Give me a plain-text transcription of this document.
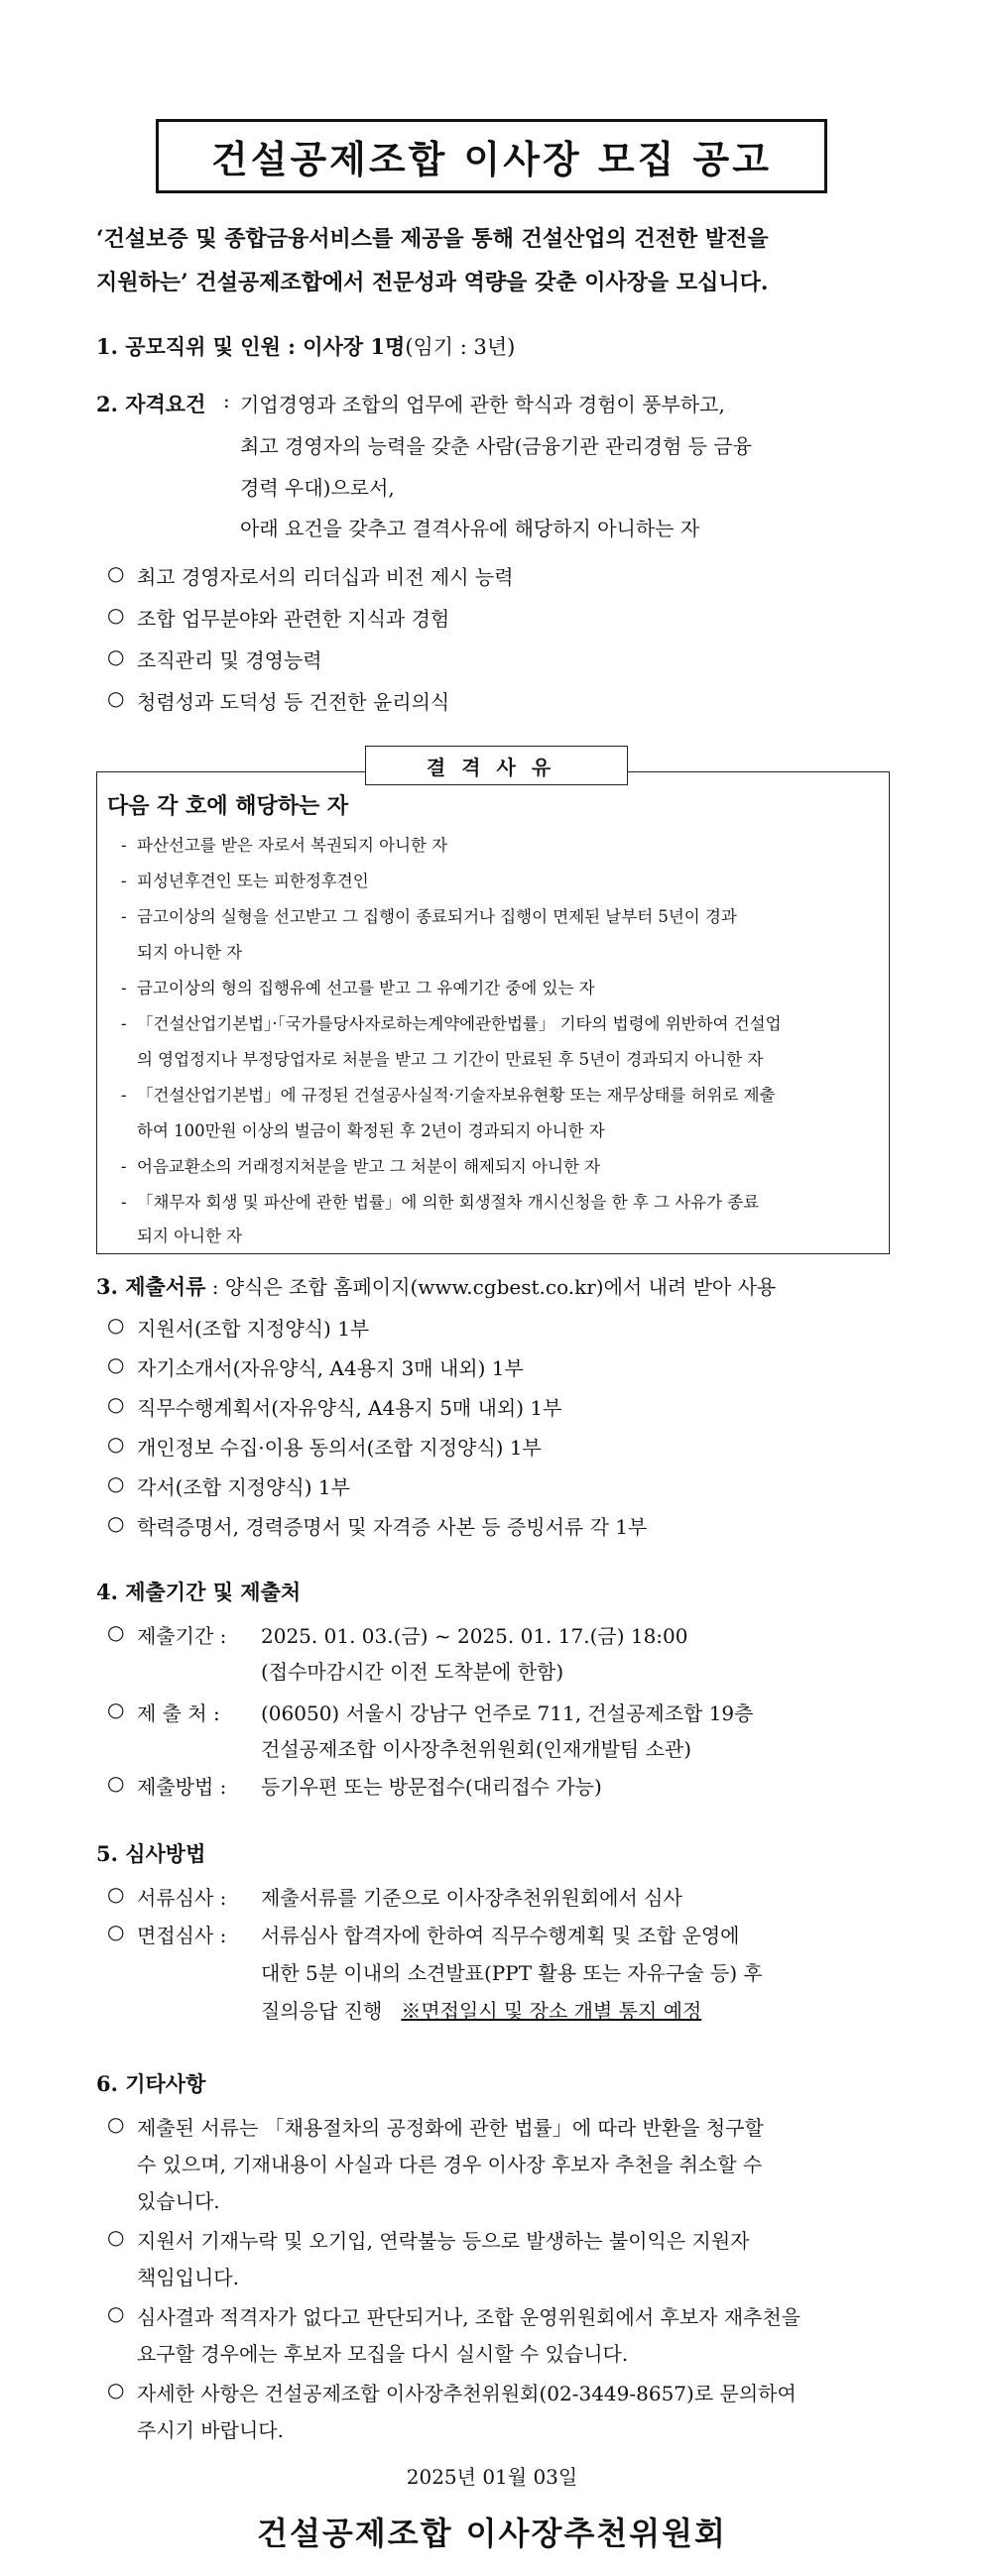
건설공제조합 이사장 모집 공고
‘건설보증 및 종합금융서비스를 제공을 통해 건설산업의 건전한 발전을
지원하는’ 건설공제조합에서 전문성과 역량을 갖춘 이사장을 모십니다.
1. 공모직위 및 인원 : 이사장 1명(임기 : 3년)
2. 자격요건 : 기업경영과 조합의 업무에 관한 학식과 경험이 풍부하고,
최고 경영자의 능력을 갖춘 사람(금융기관 관리경험 등 금융
경력 우대)으로서,
아래 요건을 갖추고 결격사유에 해당하지 아니하는 자
○ 최고 경영자로서의 리더십과 비전 제시 능력
○ 조합 업무분야와 관련한 지식과 경험
○ 조직관리 및 경영능력
○ 청렴성과 도덕성 등 건전한 윤리의식
결격사유
다음 각 호에 해당하는 자
- 파산선고를 받은 자로서 복권되지 아니한 자
- 피성년후견인 또는 피한정후견인
- 금고이상의 실형을 선고받고 그 집행이 종료되거나 집행이 면제된 날부터 5년이 경과
되지 아니한 자
- 금고이상의 형의 집행유예 선고를 받고 그 유예기간 중에 있는 자
- 「건설산업기본법」·「국가를당사자로하는계약에관한법률」 기타의 법령에 위반하여 건설업
의 영업정지나 부정당업자로 처분을 받고 그 기간이 만료된 후 5년이 경과되지 아니한 자
- 「건설산업기본법」에 규정된 건설공사실적·기술자보유현황 또는 재무상태를 허위로 제출
하여 100만원 이상의 벌금이 확정된 후 2년이 경과되지 아니한 자
- 어음교환소의 거래정지처분을 받고 그 처분이 해제되지 아니한 자
- 「채무자 회생 및 파산에 관한 법률」에 의한 회생절차 개시신청을 한 후 그 사유가 종료
되지 아니한 자
3. 제출서류 : 양식은 조합 홈페이지(www.cgbest.co.kr)에서 내려 받아 사용
○ 지원서(조합 지정양식) 1부
○ 자기소개서(자유양식, A4용지 3매 내외) 1부
○ 직무수행계획서(자유양식, A4용지 5매 내외) 1부
○ 개인정보 수집·이용 동의서(조합 지정양식) 1부
○ 각서(조합 지정양식) 1부
○ 학력증명서, 경력증명서 및 자격증 사본 등 증빙서류 각 1부
4. 제출기간 및 제출처
○ 제출기간 : 2025. 01. 03.(금) ~ 2025. 01. 17.(금) 18:00
(접수마감시간 이전 도착분에 한함)
○ 제 출 처 : (06050) 서울시 강남구 언주로 711, 건설공제조합 19층
건설공제조합 이사장추천위원회(인재개발팀 소관)
○ 제출방법 : 등기우편 또는 방문접수(대리접수 가능)
5. 심사방법
○ 서류심사 : 제출서류를 기준으로 이사장추천위원회에서 심사
○ 면접심사 : 서류심사 합격자에 한하여 직무수행계획 및 조합 운영에
대한 5분 이내의 소견발표(PPT 활용 또는 자유구술 등) 후
질의응답 진행 ※면접일시 및 장소 개별 통지 예정
6. 기타사항
○ 제출된 서류는 「채용절차의 공정화에 관한 법률」에 따라 반환을 청구할
수 있으며, 기재내용이 사실과 다른 경우 이사장 후보자 추천을 취소할 수
있습니다.
○ 지원서 기재누락 및 오기입, 연락불능 등으로 발생하는 불이익은 지원자
책임입니다.
○ 심사결과 적격자가 없다고 판단되거나, 조합 운영위원회에서 후보자 재추천을
요구할 경우에는 후보자 모집을 다시 실시할 수 있습니다.
○ 자세한 사항은 건설공제조합 이사장추천위원회(02-3449-8657)로 문의하여
주시기 바랍니다.
2025년 01월 03일
건설공제조합 이사장추천위원회
